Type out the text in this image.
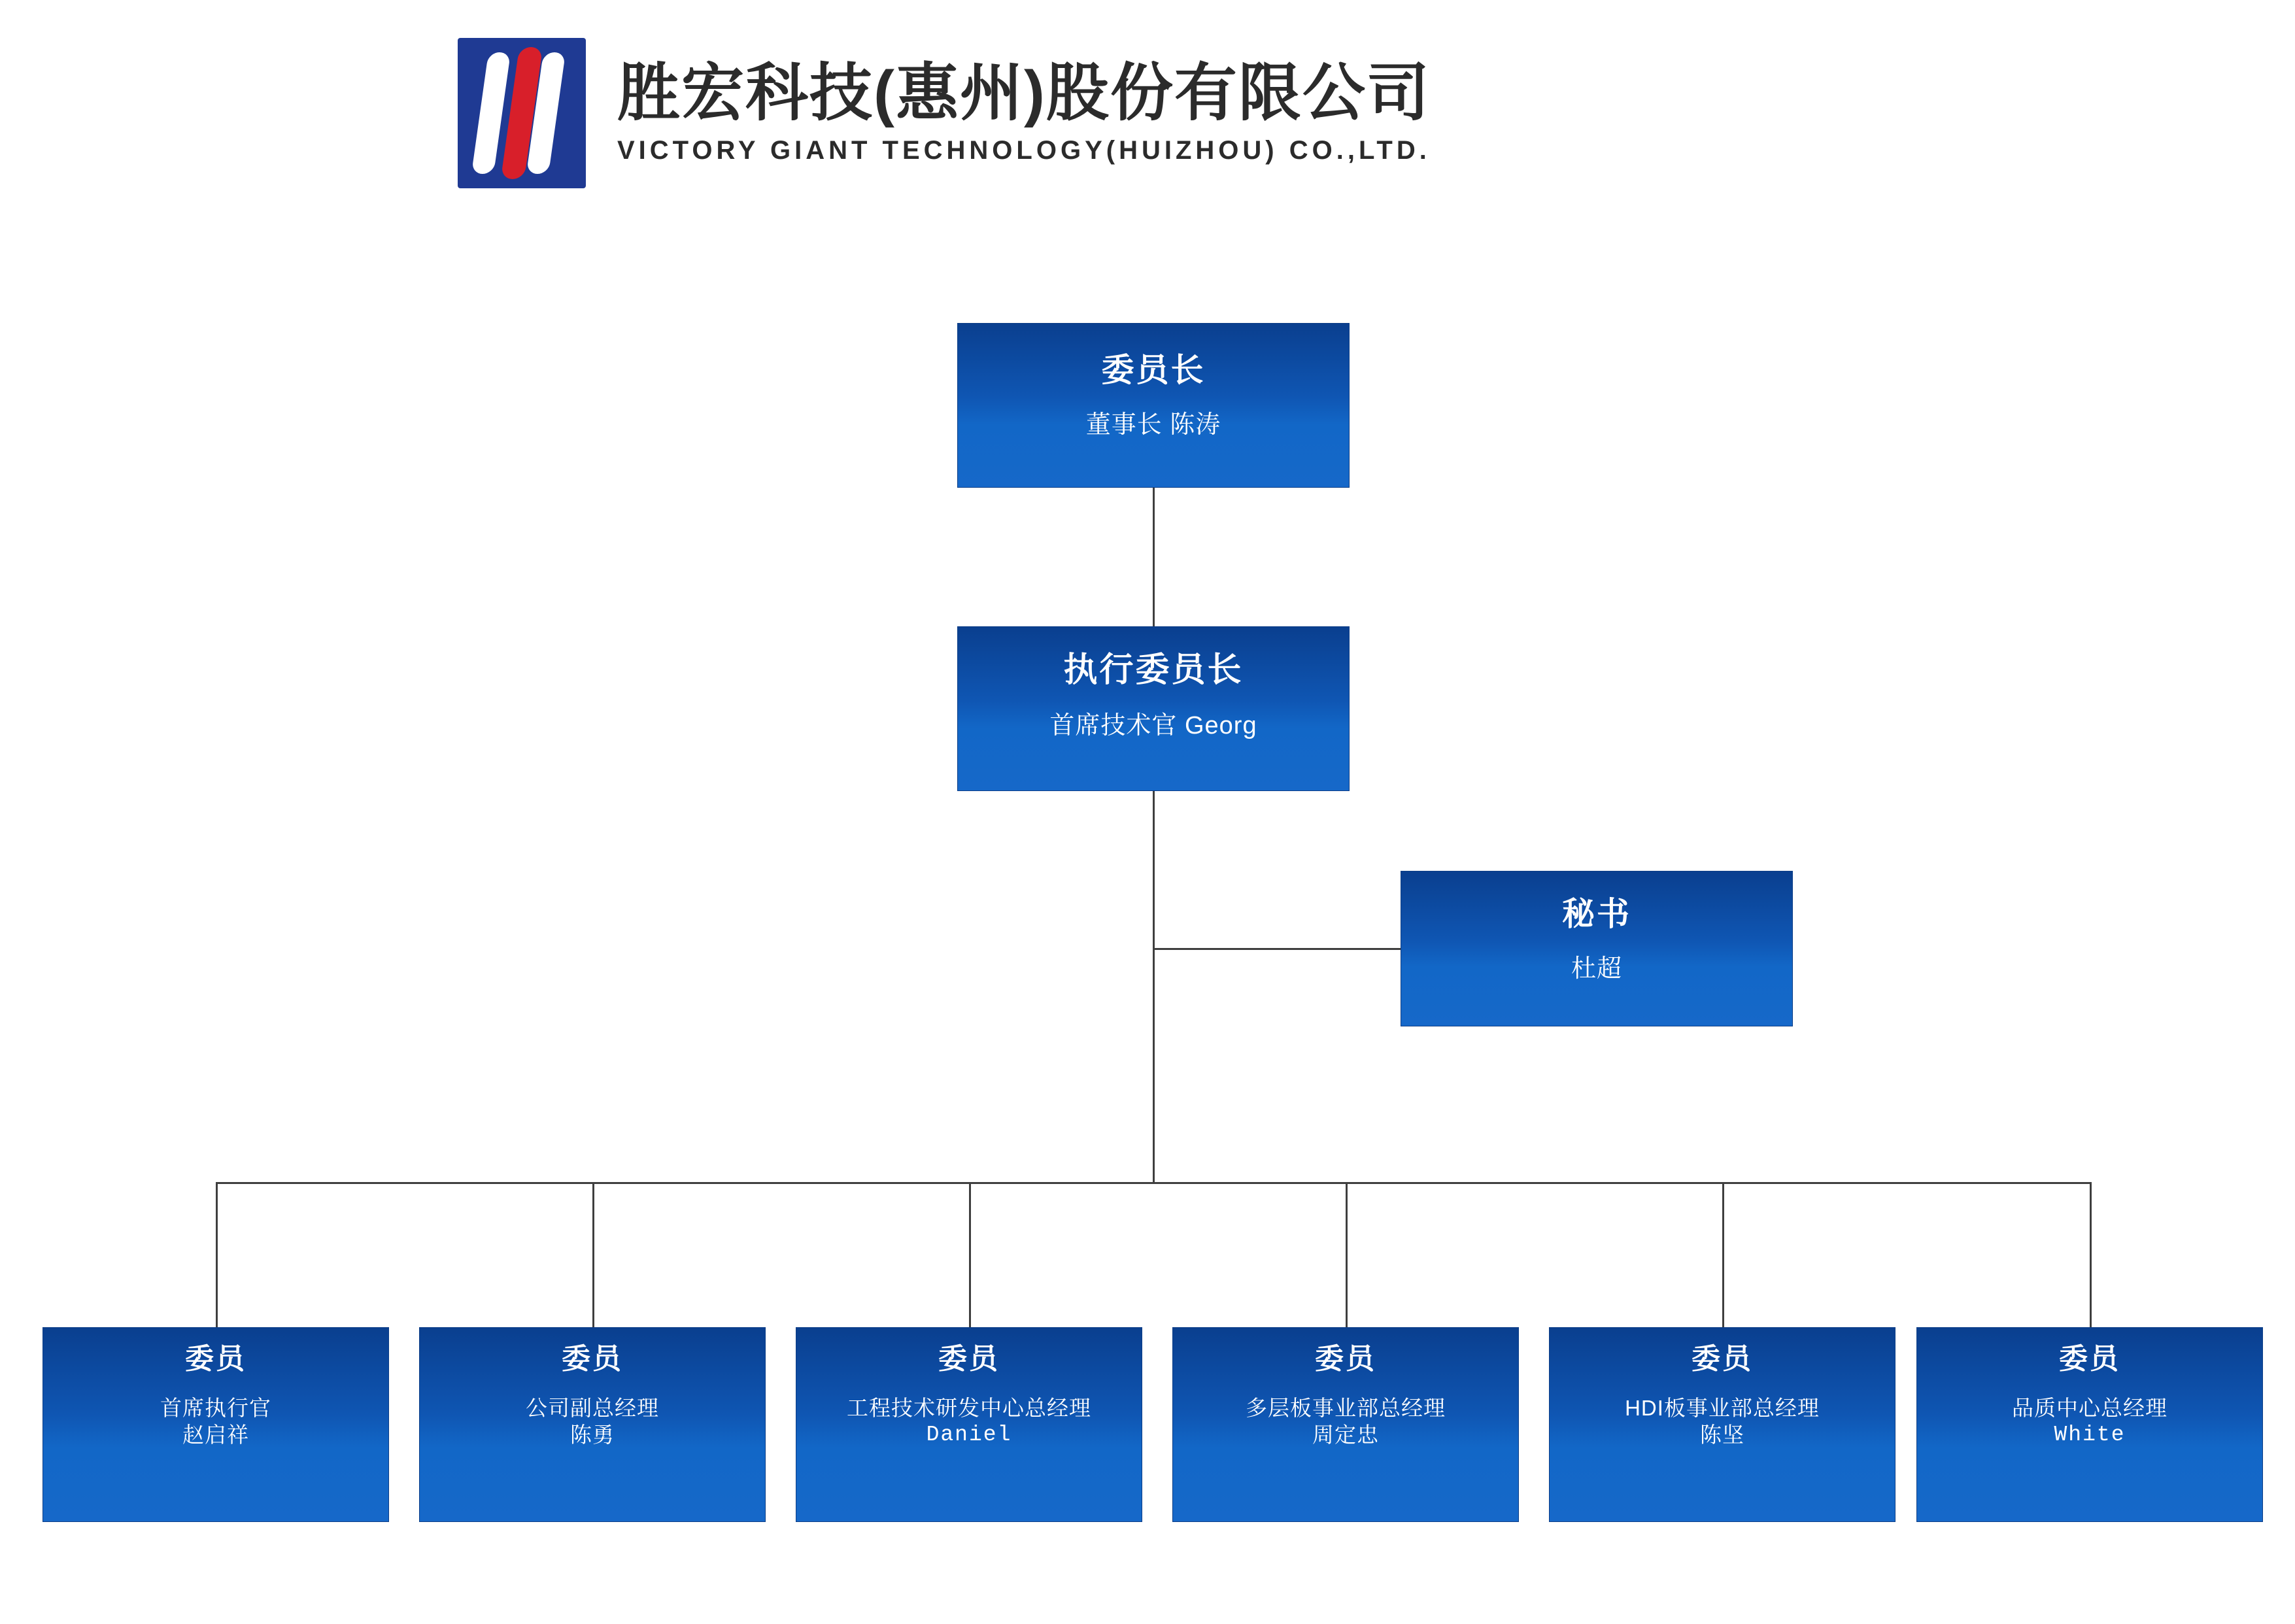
胜宏科技(惠州)股份有限公司
VICTORY GIANT TECHNOLOGY(HUIZHOU) CO.,LTD.
委员长
董事长 陈涛
执行委员长
首席技术官 Georg
秘书
杜超
委员
首席执行官
赵启祥
委员
公司副总经理
陈勇
委员
工程技术研发中心总经理
Daniel
委员
多层板事业部总经理
周定忠
委员
HDI板事业部总经理
陈坚
委员
品质中心总经理
White
